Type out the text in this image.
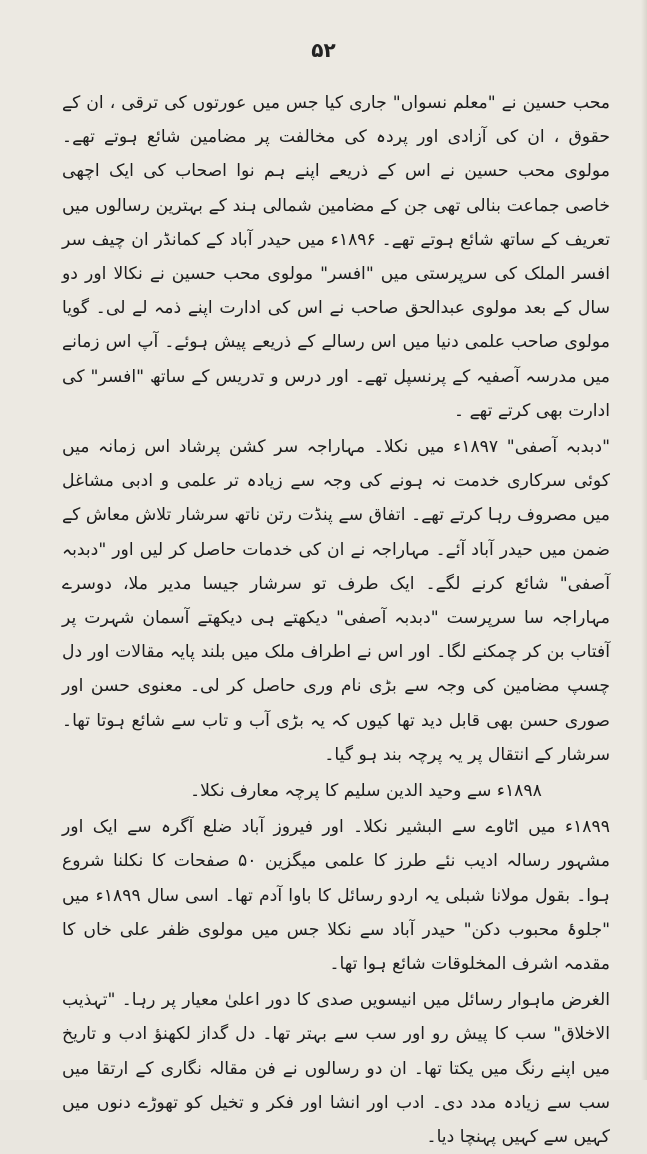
۵۲

محب حسین نے "معلم نسواں" جاری کیا جس میں عورتوں کی ترقی ، ان کے حقوق ، ان کی آزادی اور پردہ کی مخالفت پر مضامین شائع ہوتے تھے۔ مولوی محب حسین نے اس کے ذریعے اپنے ہم نوا اصحاب کی ایک اچھی خاصی جماعت بنالی تھی جن کے مضامین شمالی ہند کے بہترین رسالوں میں تعریف کے ساتھ شائع ہوتے تھے۔ ۱۸۹۶ء میں حیدر آباد کے کمانڈر ان چیف سر افسر الملک کی سرپرستی میں "افسر" مولوی محب حسین نے نکالا اور دو سال کے بعد مولوی عبدالحق صاحب نے اس کی ادارت اپنے ذمہ لے لی۔ گویا مولوی صاحب علمی دنیا میں اس رسالے کے ذریعے پیش ہوئے۔ آپ اس زمانے میں مدرسہ آصفیہ کے پرنسپل تھے۔ اور درس و تدریس کے ساتھ "افسر" کی ادارت بھی کرتے تھے ۔

"دبدبہ آصفی" ۱۸۹۷ء میں نکلا۔ مہاراجہ سر کشن پرشاد اس زمانہ میں کوئی سرکاری خدمت نہ ہونے کی وجہ سے زیادہ تر علمی و ادبی مشاغل میں مصروف رہا کرتے تھے۔ اتفاق سے پنڈت رتن ناتھ سرشار تلاش معاش کے ضمن میں حیدر آباد آئے۔ مہاراجہ نے ان کی خدمات حاصل کر لیں اور "دبدبہ آصفی" شائع کرنے لگے۔ ایک طرف تو سرشار جیسا مدیر ملا، دوسرے مہاراجہ سا سرپرست "دبدبہ آصفی" دیکھتے ہی دیکھتے آسمان شہرت پر آفتاب بن کر چمکنے لگا۔ اور اس نے اطراف ملک میں بلند پایہ مقالات اور دل چسپ مضامین کی وجہ سے بڑی نام وری حاصل کر لی۔ معنوی حسن اور صوری حسن بھی قابل دید تھا کیوں کہ یہ بڑی آب و تاب سے شائع ہوتا تھا۔ سرشار کے انتقال پر یہ پرچہ بند ہو گیا۔

۱۸۹۸ء سے وحید الدین سلیم کا پرچہ معارف نکلا۔

۱۸۹۹ء میں اٹاوے سے البشیر نکلا۔ اور فیروز آباد ضلع آگرہ سے ایک اور مشہور رسالہ ادیب نئے طرز کا علمی میگزین ۵۰ صفحات کا نکلنا شروع ہوا۔ بقول مولانا شبلی یہ اردو رسائل کا باوا آدم تھا۔ اسی سال ۱۸۹۹ء میں "جلوۂ محبوب دکن" حیدر آباد سے نکلا جس میں مولوی ظفر علی خاں کا مقدمہ اشرف المخلوقات شائع ہوا تھا۔

الغرض ماہوار رسائل میں انیسویں صدی کا دور اعلیٰ معیار پر رہا۔ "تہذیب الاخلاق" سب کا پیش رو اور سب سے بہتر تھا۔ دل گداز لکھنؤ ادب و تاریخ میں اپنے رنگ میں یکتا تھا۔ ان دو رسالوں نے فن مقالہ نگاری کے ارتقا میں سب سے زیادہ مدد دی۔ ادب اور انشا اور فکر و تخیل کو تھوڑے دنوں میں کہیں سے کہیں پہنچا دیا۔
